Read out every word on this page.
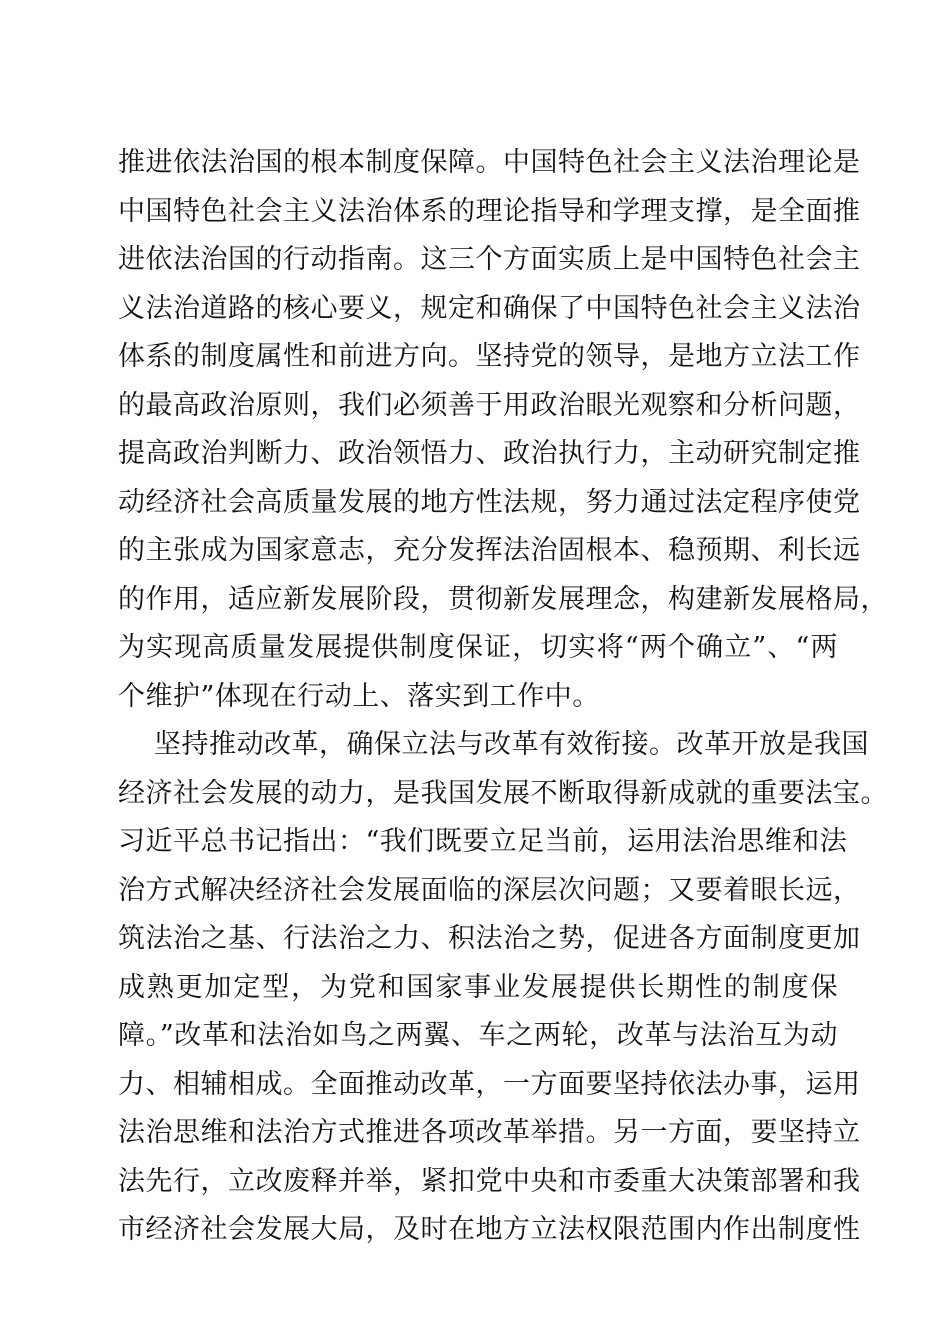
推进依法治国的根本制度保障。中国特色社会主义法治理论是
中国特色社会主义法治体系的理论指导和学理支撑，是全面推
进依法治国的行动指南。这三个方面实质上是中国特色社会主
义法治道路的核心要义，规定和确保了中国特色社会主义法治
体系的制度属性和前进方向。坚持党的领导，是地方立法工作
的最高政治原则，我们必须善于用政治眼光观察和分析问题，
提高政治判断力、政治领悟力、政治执行力，主动研究制定推
动经济社会高质量发展的地方性法规，努力通过法定程序使党
的主张成为国家意志，充分发挥法治固根本、稳预期、利长远
的作用，适应新发展阶段，贯彻新发展理念，构建新发展格局，
为实现高质量发展提供制度保证，切实将“两个确立”、“两
个维护”体现在行动上、落实到工作中。
坚持推动改革，确保立法与改革有效衔接。改革开放是我国
经济社会发展的动力，是我国发展不断取得新成就的重要法宝。
习近平总书记指出：“我们既要立足当前，运用法治思维和法
治方式解决经济社会发展面临的深层次问题；又要着眼长远，
筑法治之基、行法治之力、积法治之势，促进各方面制度更加
成熟更加定型，为党和国家事业发展提供长期性的制度保
障。”改革和法治如鸟之两翼、车之两轮，改革与法治互为动
力、相辅相成。全面推动改革，一方面要坚持依法办事，运用
法治思维和法治方式推进各项改革举措。另一方面，要坚持立
法先行，立改废释并举，紧扣党中央和市委重大决策部署和我
市经济社会发展大局，及时在地方立法权限范围内作出制度性
